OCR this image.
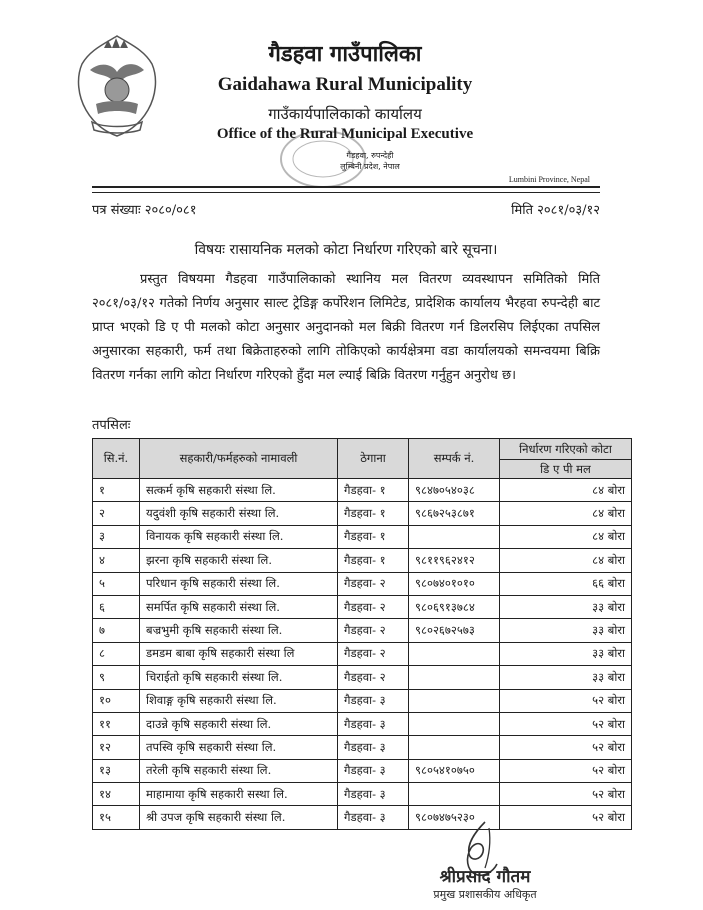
गैडहवा गाउँपालिका
Gaidahawa Rural Municipality
गाउँकार्यपालिकाको कार्यालय
Office of the Rural Municipal Executive
गैडहवा, रुपन्देही
लुम्बिनी प्रदेश, नेपाल
Lumbini Province, Nepal
पत्र संख्याः २०८०/०८१	मिति २०८१/०३/१२
विषयः रासायनिक मलको कोटा निर्धारण गरिएको बारे सूचना।

प्रस्तुत विषयमा गैडहवा गाउँपालिकाको स्थानिय मल वितरण व्यवस्थापन समितिको मिति २०८१/०३/१२ गतेको निर्णय अनुसार साल्ट ट्रेडिङ्ग कर्पोरेशन लिमिटेड, प्रादेशिक कार्यालय भैरहवा रुपन्देही बाट प्राप्त भएको डि ए पी मलको कोटा अनुसार अनुदानको मल बिक्री वितरण गर्न डिलरसिप लिईएका तपसिल अनुसारका सहकारी, फर्म तथा बिक्रेताहरुको लागि तोकिएको कार्यक्षेत्रमा वडा कार्यालयको समन्वयमा बिक्रि वितरण गर्नका लागि कोटा निर्धारण गरिएको हुँदा मल ल्याई बिक्रि वितरण गर्नुहुन अनुरोध छ।

तपसिलः
सि.नं.	सहकारी/फर्महरुको नामावली	ठेगाना	सम्पर्क नं.	निर्धारण गरिएको कोटा
				डि ए पी मल
१	सत्कर्म कृषि सहकारी संस्था लि.	गैडहवा- १	९८४७०५४०३८	८४ बोरा
२	यदुवंशी कृषि सहकारी संस्था लि.	गैडहवा- १	९८६७२५३८७१	८४ बोरा
३	विनायक कृषि सहकारी संस्था लि.	गैडहवा- १		८४ बोरा
४	झरना कृषि सहकारी संस्था लि.	गैडहवा- १	९८११९६२४१२	८४ बोरा
५	परिधान कृषि सहकारी संस्था लि.	गैडहवा- २	९८०७४०१०१०	६६ बोरा
६	समर्पित कृषि सहकारी संस्था लि.	गैडहवा- २	९८०६९१३७८४	३३ बोरा
७	बज्रभुमी कृषि सहकारी संस्था लि.	गैडहवा- २	९८०२६७२५७३	३३ बोरा
८	डमडम बाबा कृषि सहकारी संस्था लि	गैडहवा- २		३३ बोरा
९	चिराईतो कृषि सहकारी संस्था लि.	गैडहवा- २		३३ बोरा
१०	शिवाङ्ग कृषि सहकारी संस्था लि.	गैडहवा- ३		५२ बोरा
११	दाउन्ने कृषि सहकारी संस्था लि.	गैडहवा- ३		५२ बोरा
१२	तपस्वि कृषि सहकारी संस्था लि.	गैडहवा- ३		५२ बोरा
१३	तरेली कृषि सहकारी संस्था लि.	गैडहवा- ३	९८०५४१०७५०	५२ बोरा
१४	माहामाया कृषि सहकारी सस्था लि.	गैडहवा- ३		५२ बोरा
१५	श्री उपज कृषि सहकारी संस्था लि.	गैडहवा- ३	९८०७४७५२३०	५२ बोरा
श्रीप्रसाद गौतम
प्रमुख प्रशासकीय अधिकृत
